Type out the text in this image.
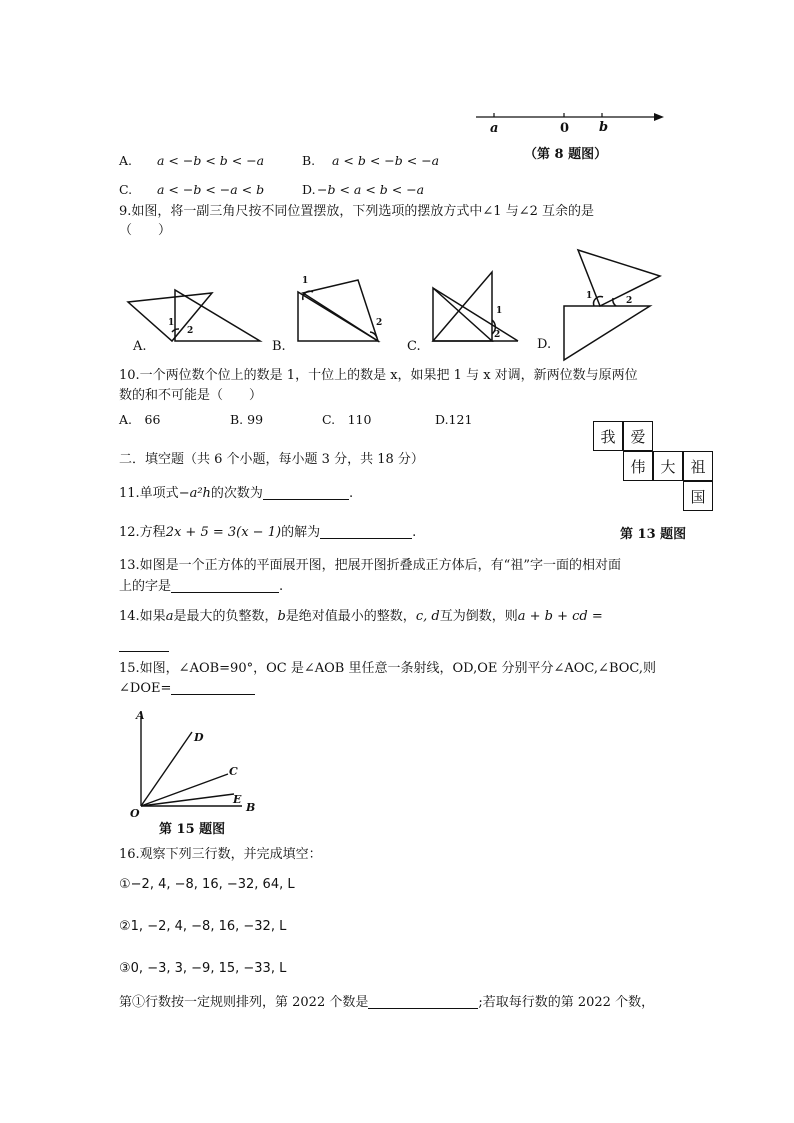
a	0 b
（第 8 题图）
A. a < −b < b < −a	B. a < b < −b < −a
C. a < −b < −a < b	D. −b < a < b < −a
9.如图，将一副三角尺按不同位置摆放，下列选项的摆放方式中∠1 与∠2 互余的是
（　　）
A.	B.	C.	D.
1
2
1
2
1
2
1	2
10.一个两位数个位上的数是 1，十位上的数是 x，如果把 1 与 x 对调，新两位数与原两位
数的和不可能是（　　）
A.　66	B. 99	C.　110	D.121
二．填空题（共 6 个小题，每小题 3 分，共 18 分）
我 爱
伟 大 祖
国
第 13 题图
11.单项式−a²h的次数为	.
12.方程2x + 5 = 3(x − 1)的解为	.
13.如图是一个正方体的平面展开图，把展开图折叠成正方体后，有“祖”字一面的相对面
上的字是	.
14.如果a是最大的负整数，b是绝对值最小的整数，c, d互为倒数，则a + b + cd =
15.如图，∠AOB=90°，OC 是∠AOB 里任意一条射线，OD,OE 分别平分∠AOC,∠BOC,则
∠DOE=
A
D
C
E
B
O
第 15 题图
16.观察下列三行数，并完成填空：
①−2, 4, −8, 16, −32, 64, L
②1, −2, 4, −8, 16, −32, L
③0, −3, 3, −9, 15, −33, L
第①行数按一定规则排列，第 2022 个数是	;若取每行数的第 2022 个数，
